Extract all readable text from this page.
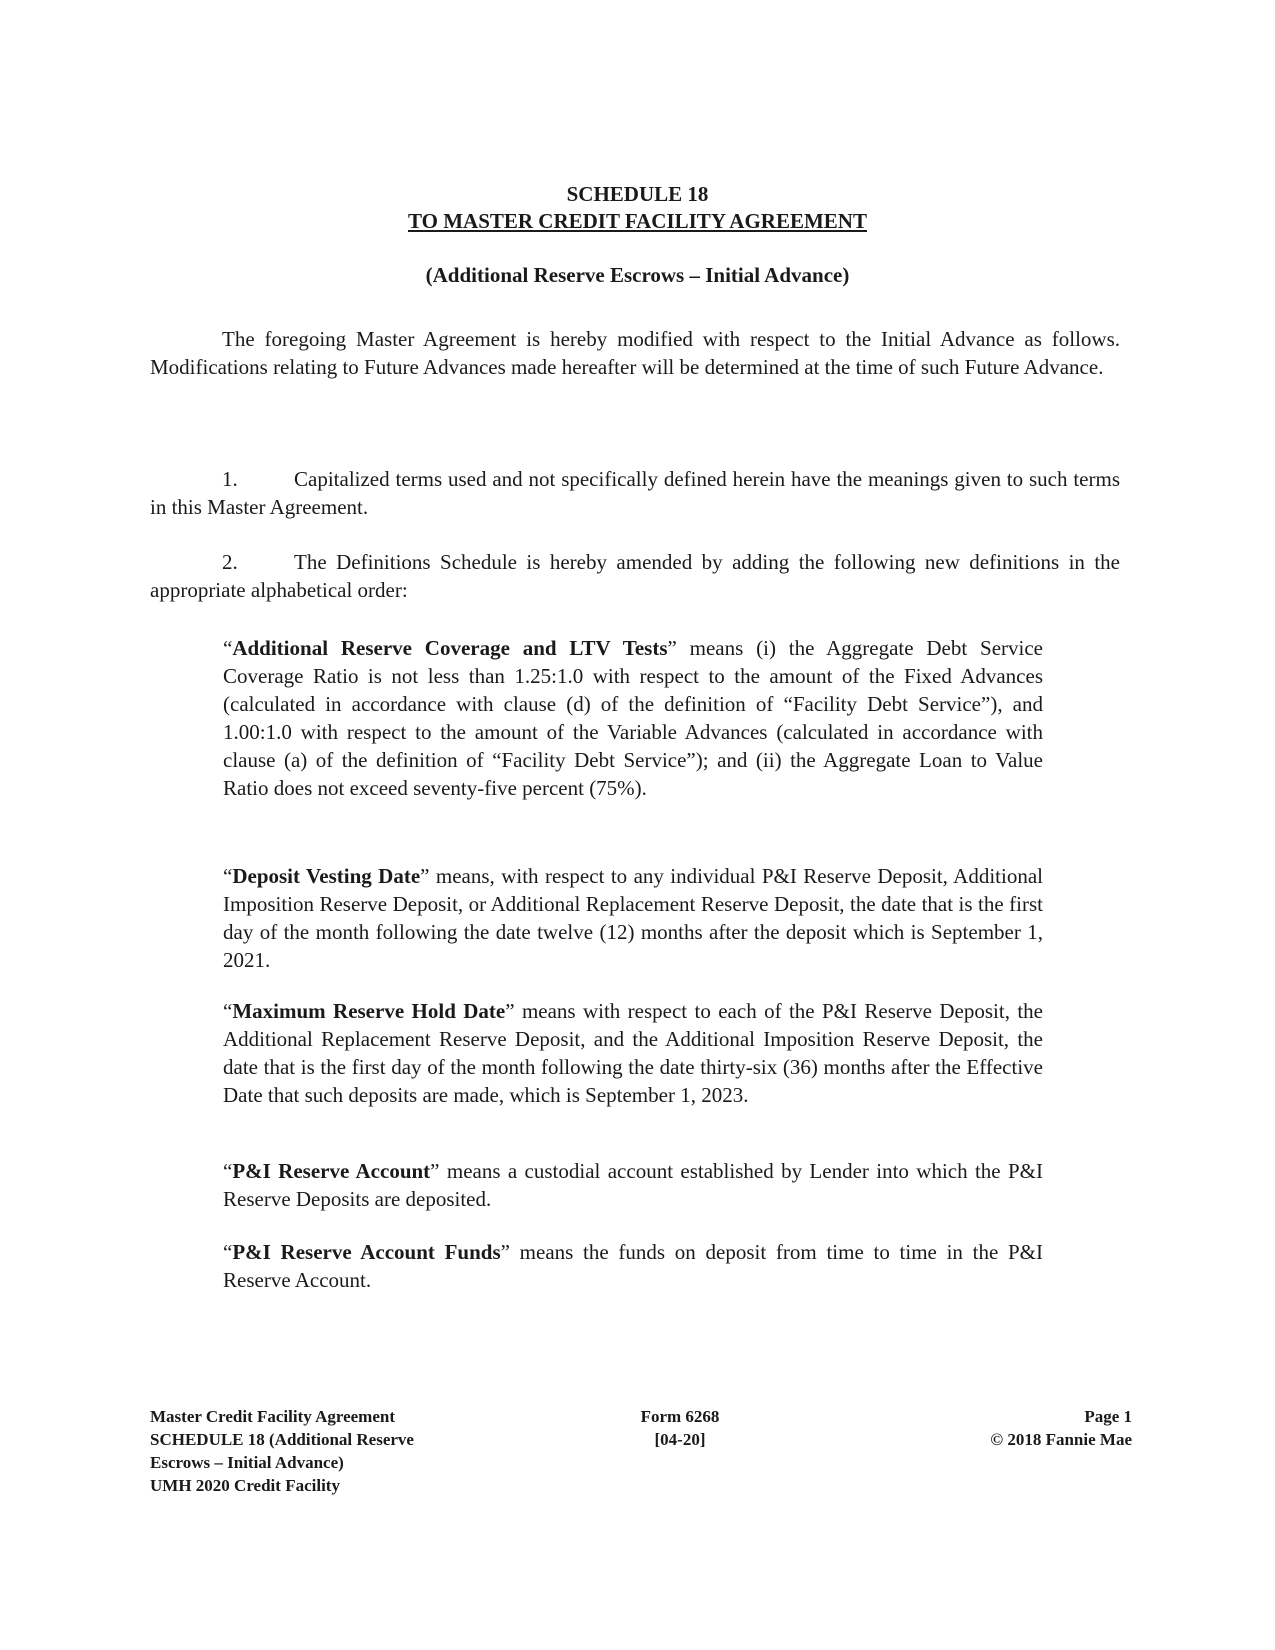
SCHEDULE 18
TO MASTER CREDIT FACILITY AGREEMENT
(Additional Reserve Escrows – Initial Advance)

The foregoing Master Agreement is hereby modified with respect to the Initial Advance as follows. Modifications relating to Future Advances made hereafter will be determined at the time of such Future Advance.

1.	Capitalized terms used and not specifically defined herein have the meanings given to such terms in this Master Agreement.

2.	The Definitions Schedule is hereby amended by adding the following new definitions in the appropriate alphabetical order:

“Additional Reserve Coverage and LTV Tests” means (i) the Aggregate Debt Service Coverage Ratio is not less than 1.25:1.0 with respect to the amount of the Fixed Advances (calculated in accordance with clause (d) of the definition of “Facility Debt Service”), and 1.00:1.0 with respect to the amount of the Variable Advances (calculated in accordance with clause (a) of the definition of “Facility Debt Service”); and (ii) the Aggregate Loan to Value Ratio does not exceed seventy-five percent (75%).

“Deposit Vesting Date” means, with respect to any individual P&I Reserve Deposit, Additional Imposition Reserve Deposit, or Additional Replacement Reserve Deposit, the date that is the first day of the month following the date twelve (12) months after the deposit which is September 1, 2021.

“Maximum Reserve Hold Date” means with respect to each of the P&I Reserve Deposit, the Additional Replacement Reserve Deposit, and the Additional Imposition Reserve Deposit, the date that is the first day of the month following the date thirty-six (36) months after the Effective Date that such deposits are made, which is September 1, 2023.

“P&I Reserve Account” means a custodial account established by Lender into which the P&I Reserve Deposits are deposited.

“P&I Reserve Account Funds” means the funds on deposit from time to time in the P&I Reserve Account.

Master Credit Facility Agreement
SCHEDULE 18 (Additional Reserve
Escrows – Initial Advance)
UMH 2020 Credit Facility
Form 6268
[04-20]
Page 1
© 2018 Fannie Mae
